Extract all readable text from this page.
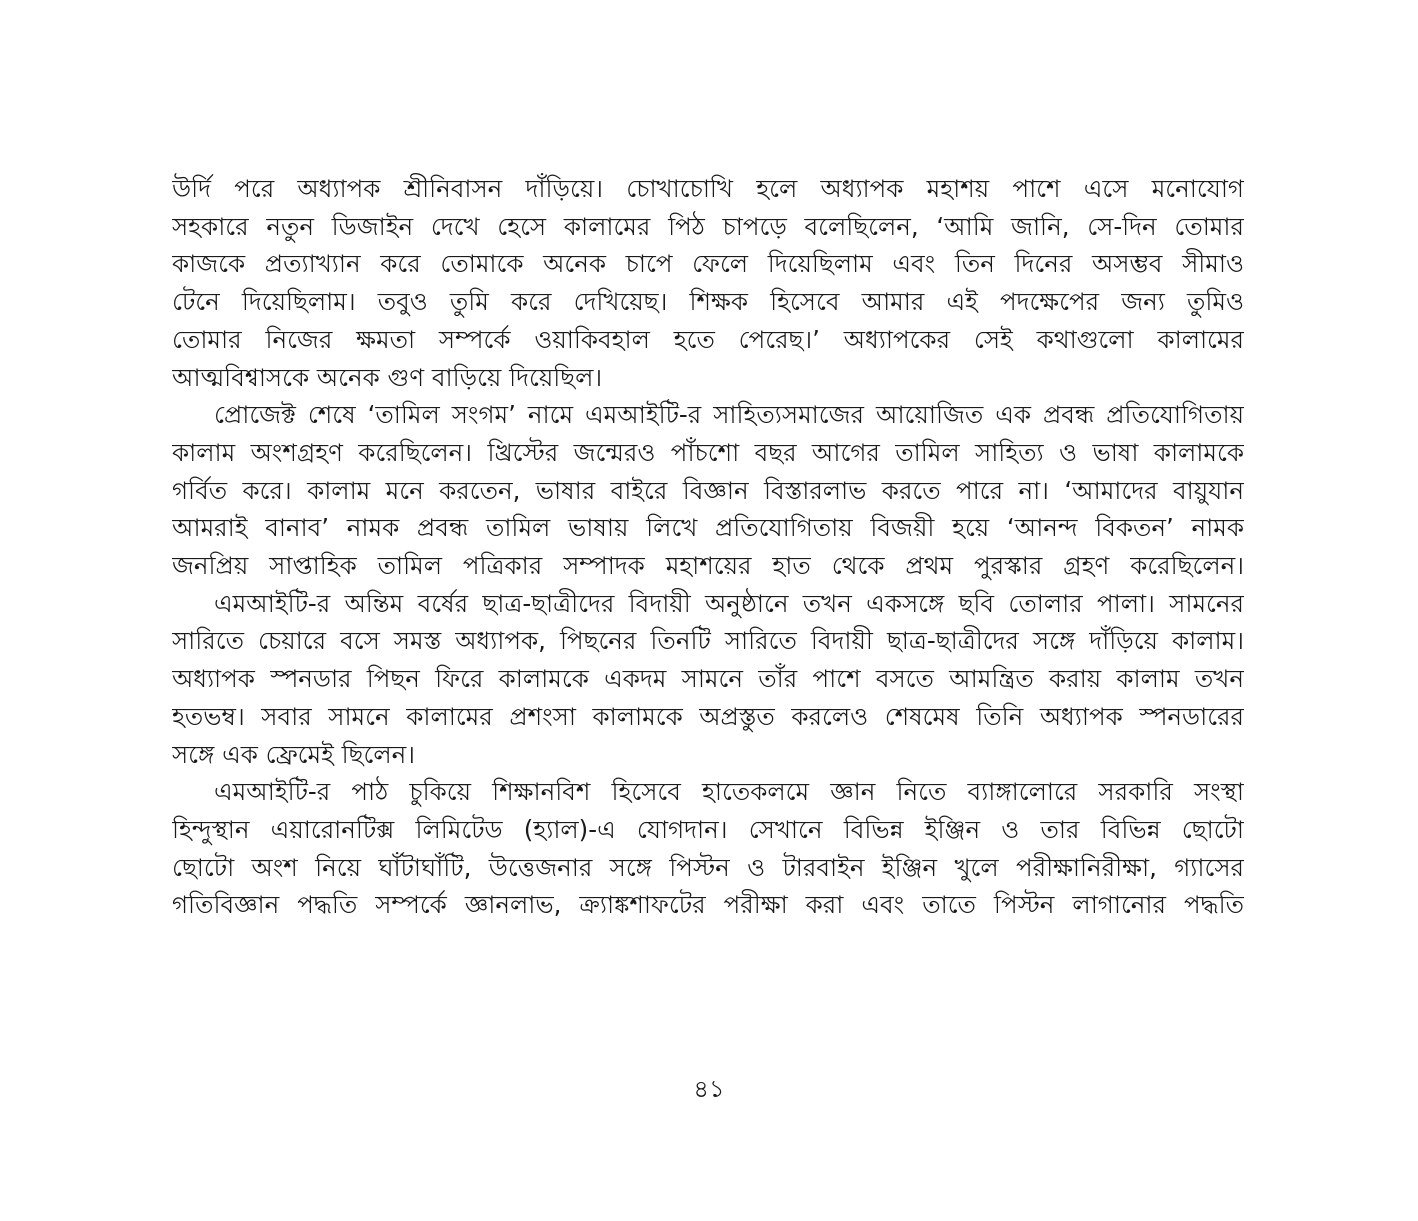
উর্দি পরে অধ্যাপক শ্রীনিবাসন দাঁড়িয়ে। চোখাচোখি হলে অধ্যাপক মহাশয় পাশে এসে মনোযোগ
সহকারে নতুন ডিজাইন দেখে হেসে কালামের পিঠ চাপড়ে বলেছিলেন, ‘আমি জানি, সে-দিন তোমার
কাজকে প্রত্যাখ্যান করে তোমাকে অনেক চাপে ফেলে দিয়েছিলাম এবং তিন দিনের অসম্ভব সীমাও
টেনে দিয়েছিলাম। তবুও তুমি করে দেখিয়েছ। শিক্ষক হিসেবে আমার এই পদক্ষেপের জন্য তুমিও
তোমার নিজের ক্ষমতা সম্পর্কে ওয়াকিবহাল হতে পেরেছ।’ অধ্যাপকের সেই কথাগুলো কালামের
আত্মবিশ্বাসকে অনেক গুণ বাড়িয়ে দিয়েছিল।
প্রোজেক্ট শেষে ‘তামিল সংগম’ নামে এমআইটি-র সাহিত্যসমাজের আয়োজিত এক প্রবন্ধ প্রতিযোগিতায়
কালাম অংশগ্রহণ করেছিলেন। খ্রিস্টের জন্মেরও পাঁচশো বছর আগের তামিল সাহিত্য ও ভাষা কালামকে
গর্বিত করে। কালাম মনে করতেন, ভাষার বাইরে বিজ্ঞান বিস্তারলাভ করতে পারে না। ‘আমাদের বায়ুযান
আমরাই বানাব’ নামক প্রবন্ধ তামিল ভাষায় লিখে প্রতিযোগিতায় বিজয়ী হয়ে ‘আনন্দ বিকতন’ নামক
জনপ্রিয় সাপ্তাহিক তামিল পত্রিকার সম্পাদক মহাশয়ের হাত থেকে প্রথম পুরস্কার গ্রহণ করেছিলেন।
এমআইটি-র অন্তিম বর্ষের ছাত্র-ছাত্রীদের বিদায়ী অনুষ্ঠানে তখন একসঙ্গে ছবি তোলার পালা। সামনের
সারিতে চেয়ারে বসে সমস্ত অধ্যাপক, পিছনের তিনটি সারিতে বিদায়ী ছাত্র-ছাত্রীদের সঙ্গে দাঁড়িয়ে কালাম।
অধ্যাপক স্পনডার পিছন ফিরে কালামকে একদম সামনে তাঁর পাশে বসতে আমন্ত্রিত করায় কালাম তখন
হতভম্ব। সবার সামনে কালামের প্রশংসা কালামকে অপ্রস্তুত করলেও শেষমেষ তিনি অধ্যাপক স্পনডারের
সঙ্গে এক ফ্রেমেই ছিলেন।
এমআইটি-র পাঠ চুকিয়ে শিক্ষানবিশ হিসেবে হাতেকলমে জ্ঞান নিতে ব্যাঙ্গালোরে সরকারি সংস্থা
হিন্দুস্থান এয়ারোনটিক্স লিমিটেড (হ্যাল)-এ যোগদান। সেখানে বিভিন্ন ইঞ্জিন ও তার বিভিন্ন ছোটো
ছোটো অংশ নিয়ে ঘাঁটাঘাঁটি, উত্তেজনার সঙ্গে পিস্টন ও টারবাইন ইঞ্জিন খুলে পরীক্ষানিরীক্ষা, গ্যাসের
গতিবিজ্ঞান পদ্ধতি সম্পর্কে জ্ঞানলাভ, ক্র্যাঙ্কশাফটের পরীক্ষা করা এবং তাতে পিস্টন লাগানোর পদ্ধতি
৪১
